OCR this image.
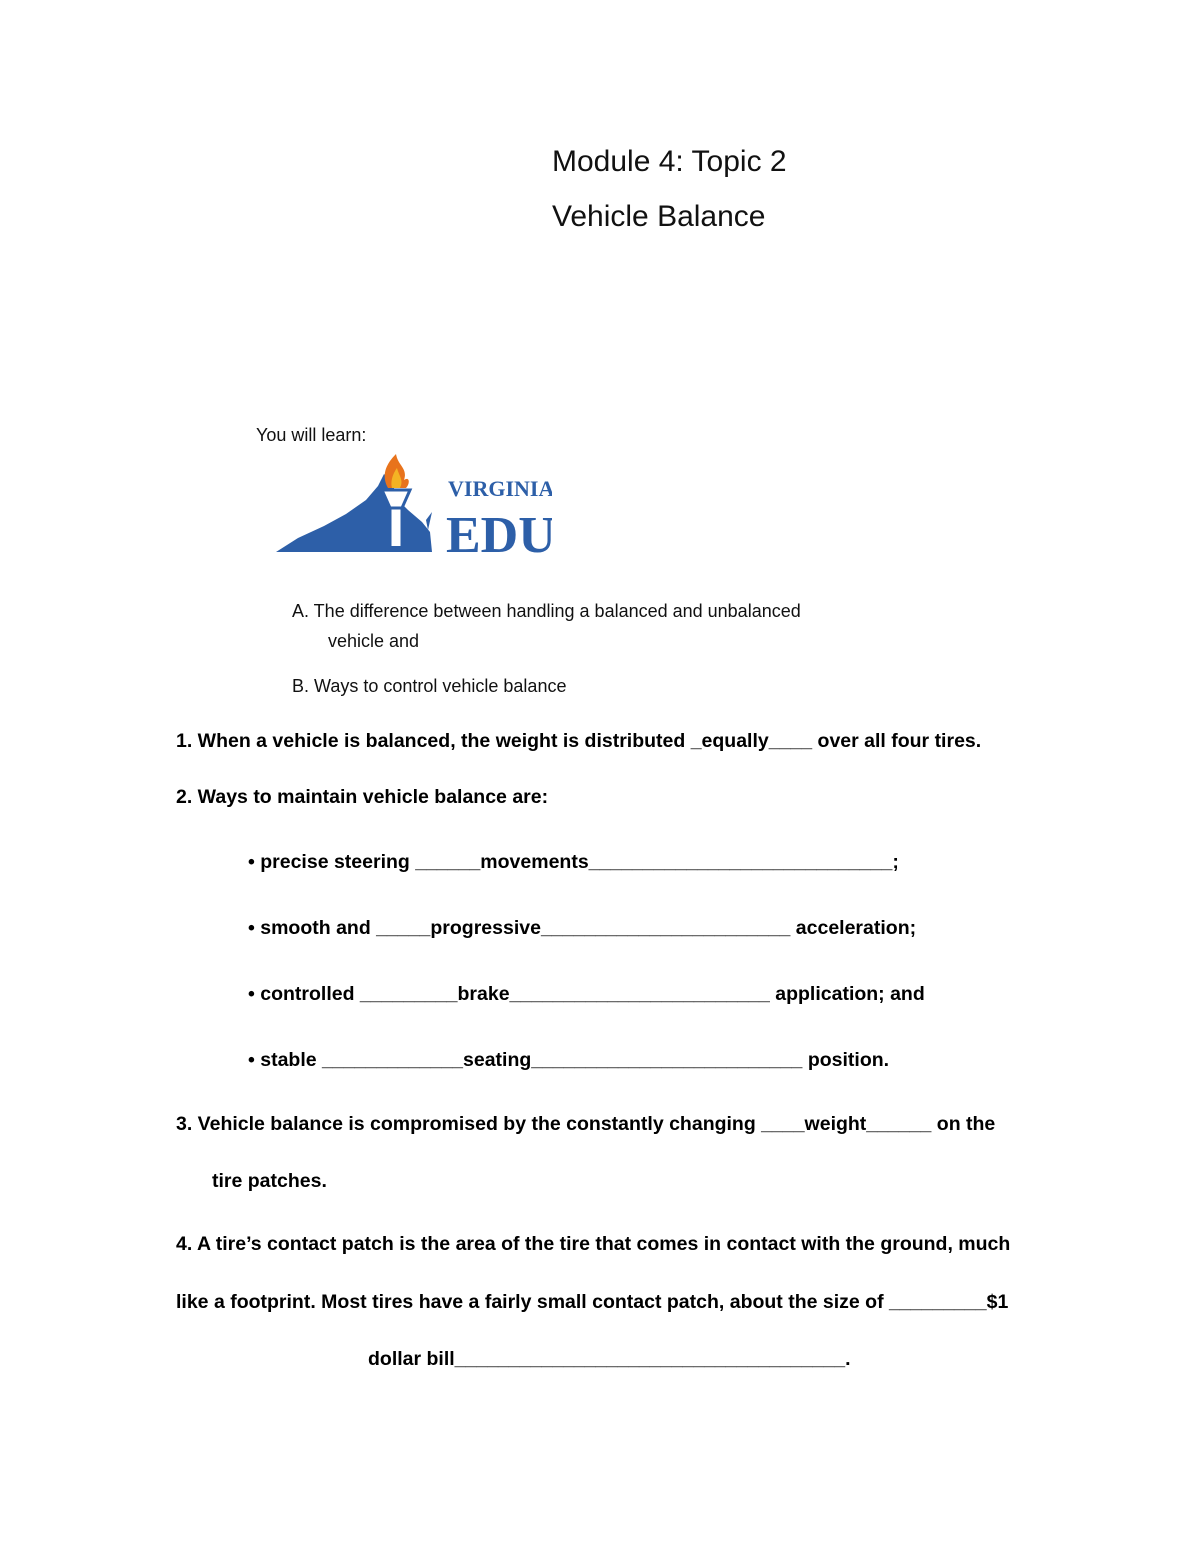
Module 4: Topic 2
Vehicle Balance
You will learn:
VIRGINIA
EDU
A. The difference between handling a balanced and unbalanced
vehicle and
B. Ways to control vehicle balance
1. When a vehicle is balanced, the weight is distributed _equally____ over all four tires.
2. Ways to maintain vehicle balance are:
• precise steering ______movements____________________________;
• smooth and _____progressive_______________________ acceleration;
• controlled _________brake________________________ application; and
• stable _____________seating_________________________ position.
3. Vehicle balance is compromised by the constantly changing ____weight______ on the
tire patches.
4. A tire’s contact patch is the area of the tire that comes in contact with the ground, much
like a footprint. Most tires have a fairly small contact patch, about the size of _________$1
dollar bill____________________________________.
